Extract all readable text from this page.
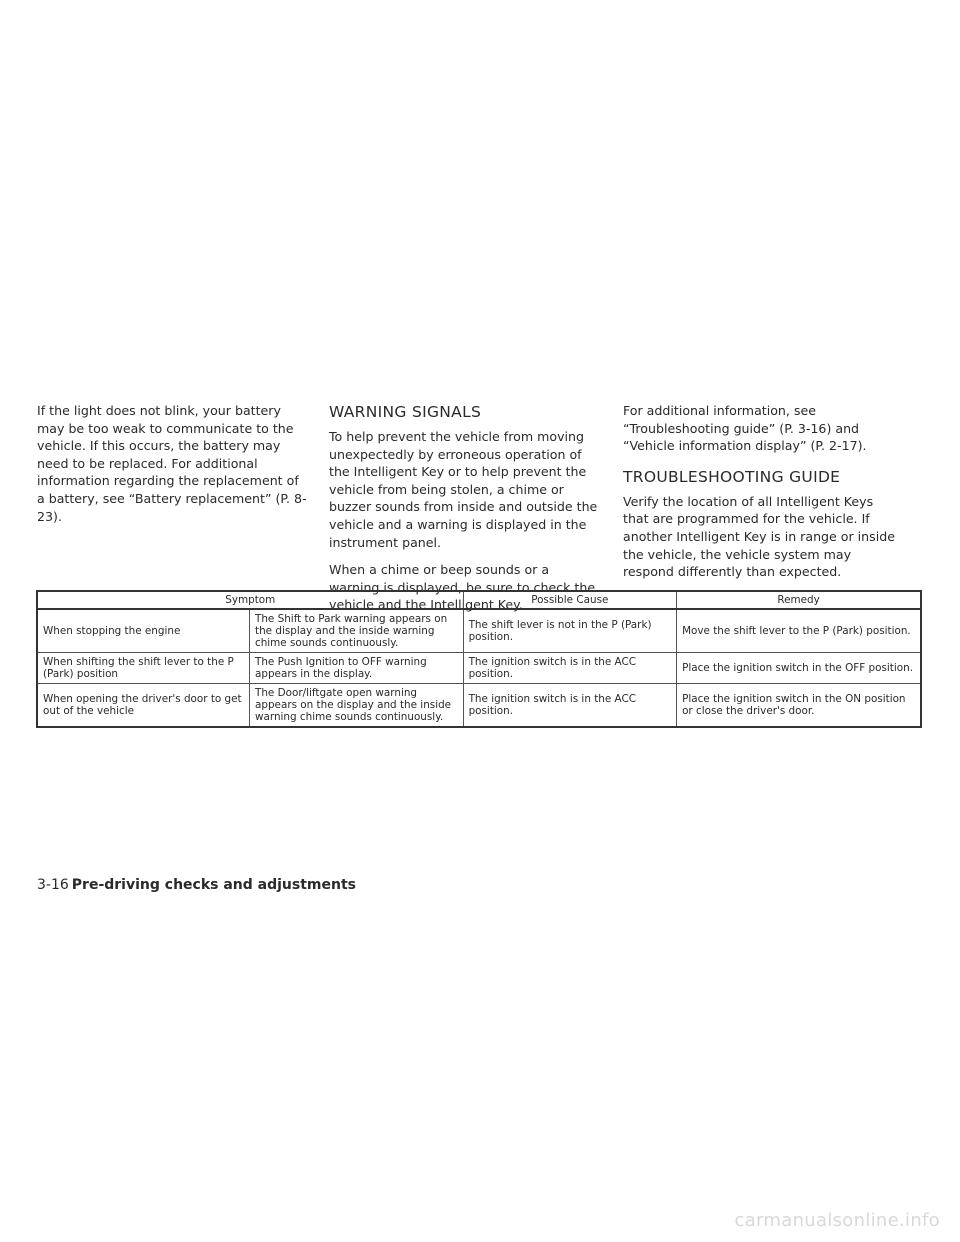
If the light does not blink, your battery may be too weak to communicate to the vehicle. If this occurs, the battery may need to be replaced. For additional information regarding the replacement of a battery, see “Battery replacement” (P. 8-23).

WARNING SIGNALS

To help prevent the vehicle from moving unexpectedly by erroneous operation of the Intelligent Key or to help prevent the vehicle from being stolen, a chime or buzzer sounds from inside and outside the vehicle and a warning is displayed in the instrument panel.

When a chime or beep sounds or a warning is displayed, be sure to check the vehicle and the Intelligent Key.

For additional information, see “Troubleshooting guide” (P. 3-16) and “Vehicle information display” (P. 2-17).

TROUBLESHOOTING GUIDE

Verify the location of all Intelligent Keys that are programmed for the vehicle. If another Intelligent Key is in range or inside the vehicle, the vehicle system may respond differently than expected.

Symptom		Possible Cause	Remedy
When stopping the engine	The Shift to Park warning appears on the display and the inside warning chime sounds continuously.	The shift lever is not in the P (Park) position.	Move the shift lever to the P (Park) position.
When shifting the shift lever to the P (Park) position	The Push Ignition to OFF warning appears in the display.	The ignition switch is in the ACC position.	Place the ignition switch in the OFF position.
When opening the driver's door to get out of the vehicle	The Door/liftgate open warning appears on the display and the inside warning chime sounds continuously.	The ignition switch is in the ACC position.	Place the ignition switch in the ON position or close the driver's door.
3-16 Pre-driving checks and adjustments
carmanualsonline.info
